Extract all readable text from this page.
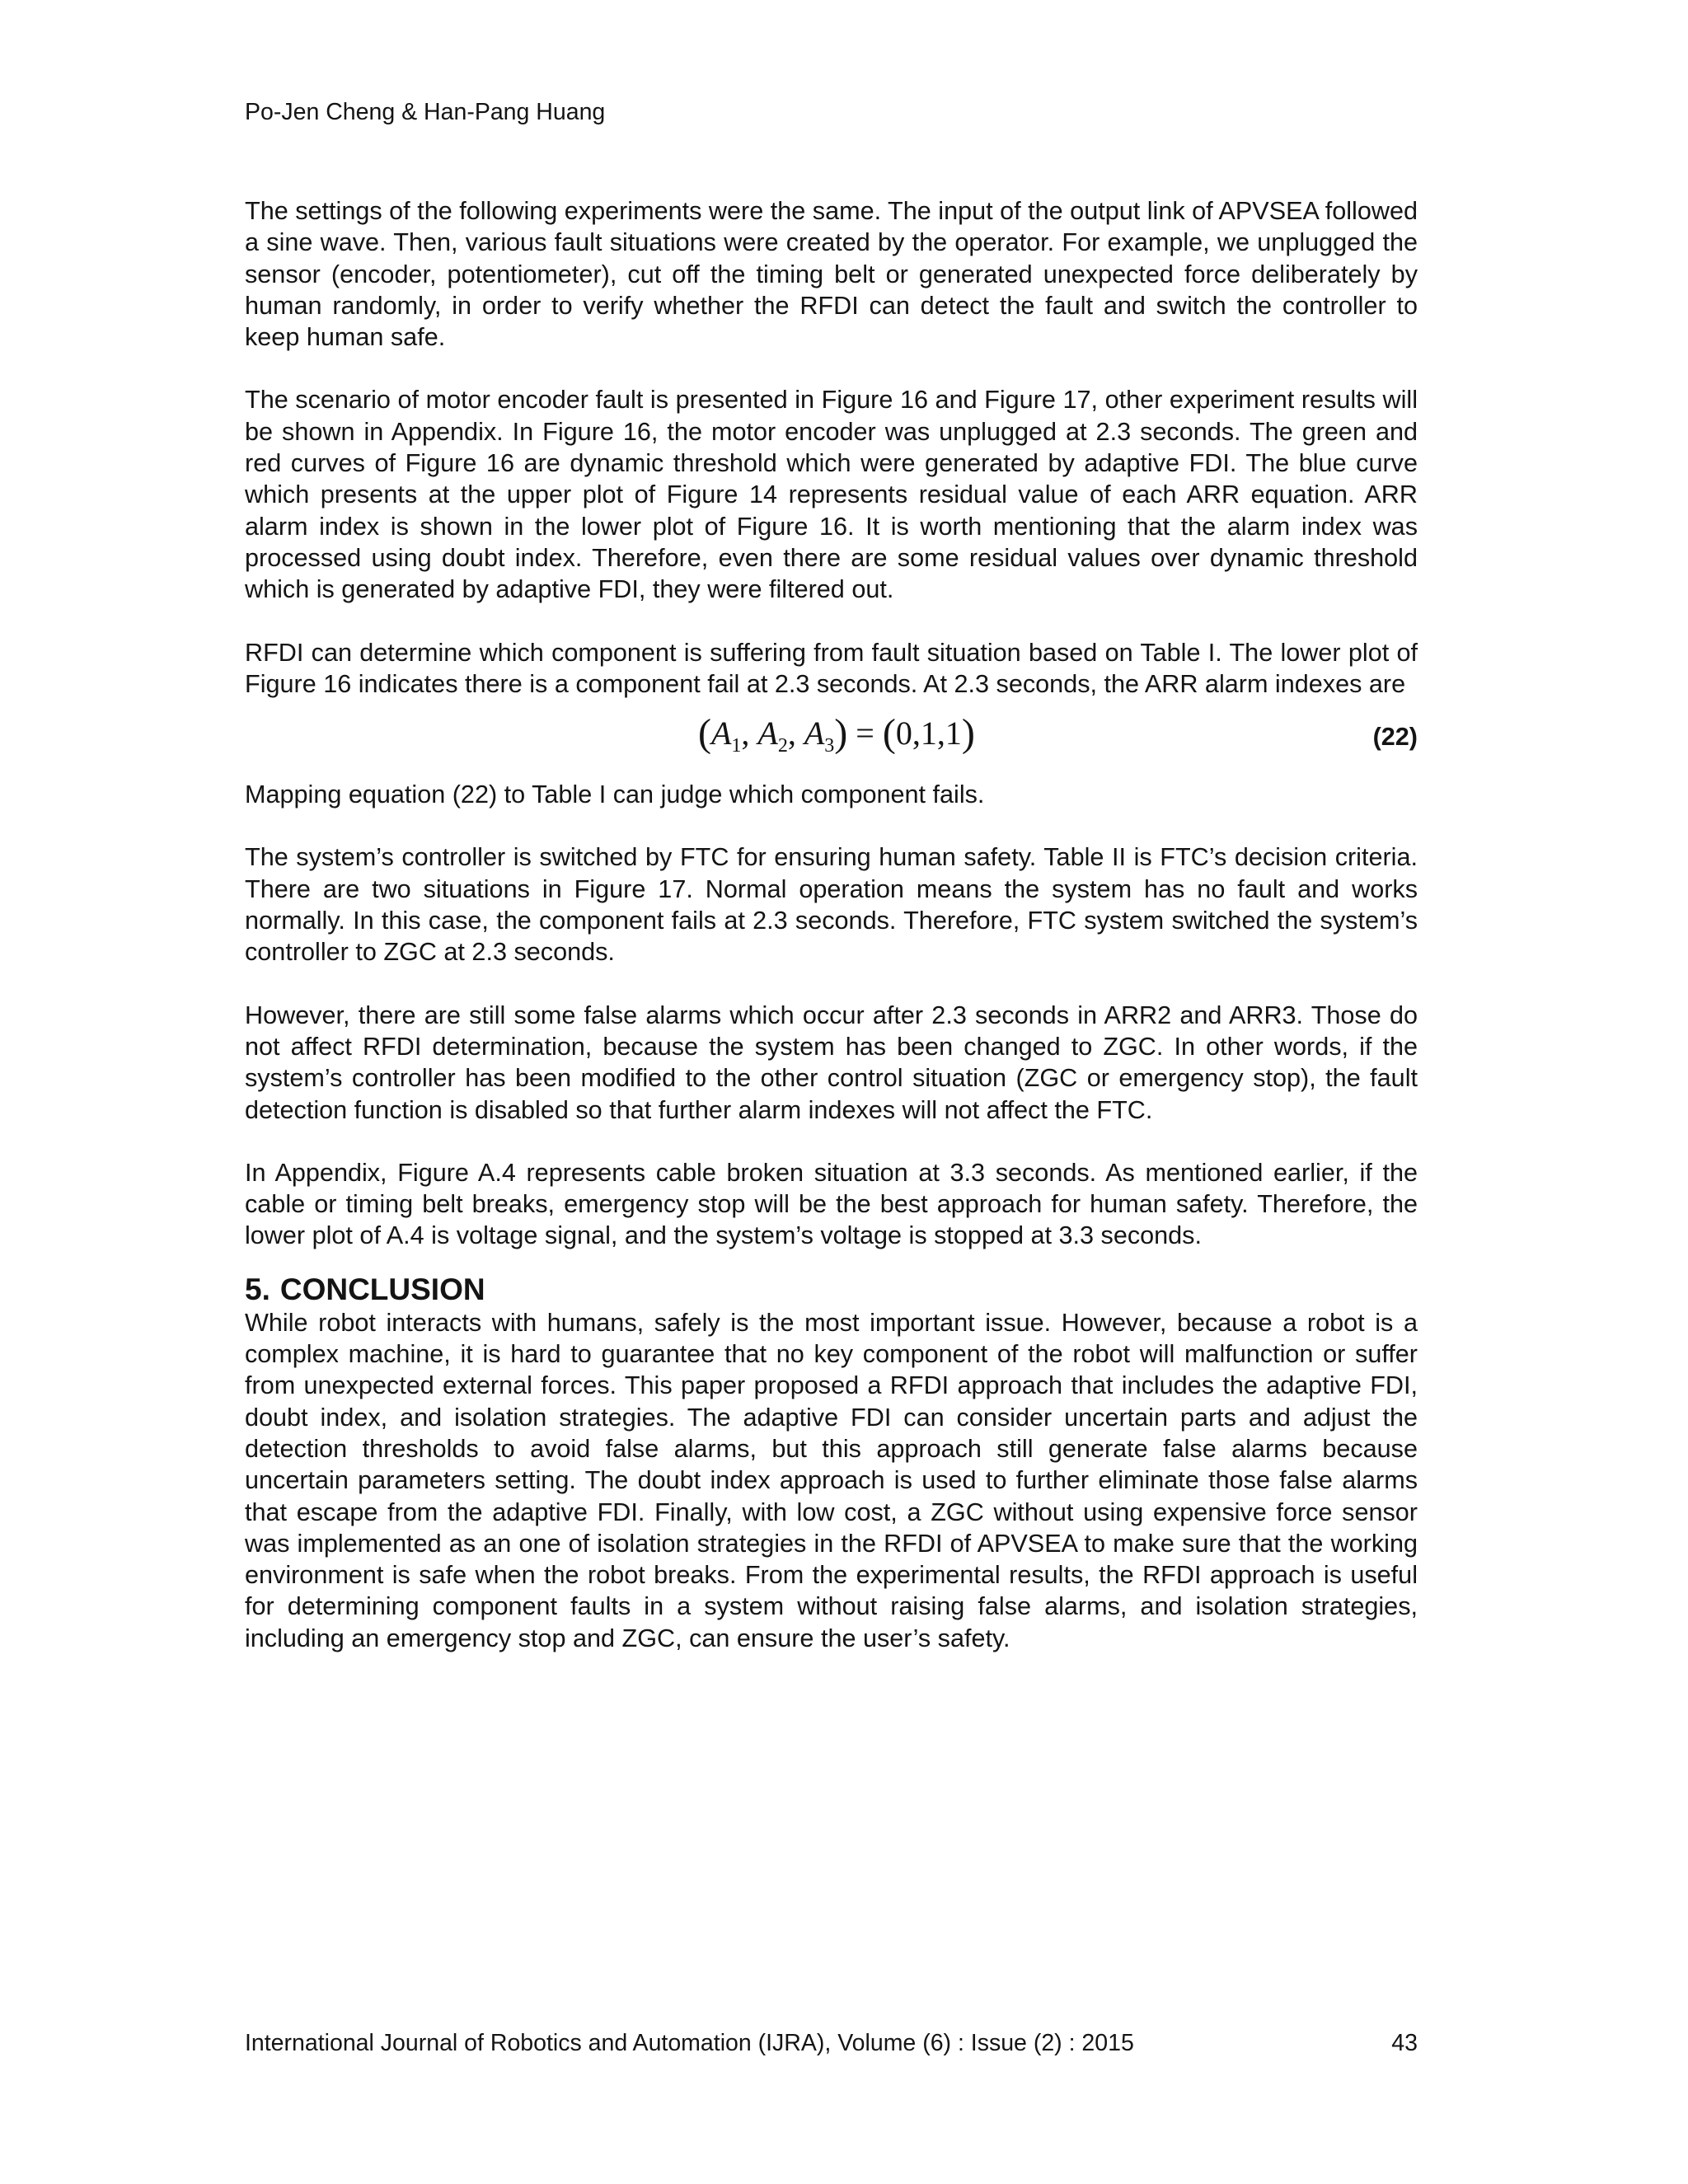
Po-Jen Cheng & Han-Pang Huang

The settings of the following experiments were the same. The input of the output link of APVSEA followed a sine wave. Then, various fault situations were created by the operator. For example, we unplugged the sensor (encoder, potentiometer), cut off the timing belt or generated unexpected force deliberately by human randomly, in order to verify whether the RFDI can detect the fault and switch the controller to keep human safe.

The scenario of motor encoder fault is presented in Figure 16 and Figure 17, other experiment results will be shown in Appendix. In Figure 16, the motor encoder was unplugged at 2.3 seconds. The green and red curves of Figure 16 are dynamic threshold which were generated by adaptive FDI. The blue curve which presents at the upper plot of Figure 14 represents residual value of each ARR equation. ARR alarm index is shown in the lower plot of Figure 16. It is worth mentioning that the alarm index was processed using doubt index. Therefore, even there are some residual values over dynamic threshold which is generated by adaptive FDI, they were filtered out.

RFDI can determine which component is suffering from fault situation based on Table I. The lower plot of Figure 16 indicates there is a component fail at 2.3 seconds. At 2.3 seconds, the ARR alarm indexes are

($A_1$, $A_2$, $A_3) = (0,1,1)$	(22)

Mapping equation (22) to Table I can judge which component fails.

The system’s controller is switched by FTC for ensuring human safety. Table II is FTC’s decision criteria. There are two situations in Figure 17. Normal operation means the system has no fault and works normally. In this case, the component fails at 2.3 seconds. Therefore, FTC system switched the system’s controller to ZGC at 2.3 seconds.

However, there are still some false alarms which occur after 2.3 seconds in ARR2 and ARR3. Those do not affect RFDI determination, because the system has been changed to ZGC. In other words, if the system’s controller has been modified to the other control situation (ZGC or emergency stop), the fault detection function is disabled so that further alarm indexes will not affect the FTC.

In Appendix, Figure A.4 represents cable broken situation at 3.3 seconds. As mentioned earlier, if the cable or timing belt breaks, emergency stop will be the best approach for human safety. Therefore, the lower plot of A.4 is voltage signal, and the system’s voltage is stopped at 3.3 seconds.

5. CONCLUSION

While robot interacts with humans, safely is the most important issue. However, because a robot is a complex machine, it is hard to guarantee that no key component of the robot will malfunction or suffer from unexpected external forces. This paper proposed a RFDI approach that includes the adaptive FDI, doubt index, and isolation strategies. The adaptive FDI can consider uncertain parts and adjust the detection thresholds to avoid false alarms, but this approach still generate false alarms because uncertain parameters setting. The doubt index approach is used to further eliminate those false alarms that escape from the adaptive FDI. Finally, with low cost, a ZGC without using expensive force sensor was implemented as an one of isolation strategies in the RFDI of APVSEA to make sure that the working environment is safe when the robot breaks. From the experimental results, the RFDI approach is useful for determining component faults in a system without raising false alarms, and isolation strategies, including an emergency stop and ZGC, can ensure the user’s safety.

International Journal of Robotics and Automation (IJRA), Volume (6) : Issue (2) : 2015	43
